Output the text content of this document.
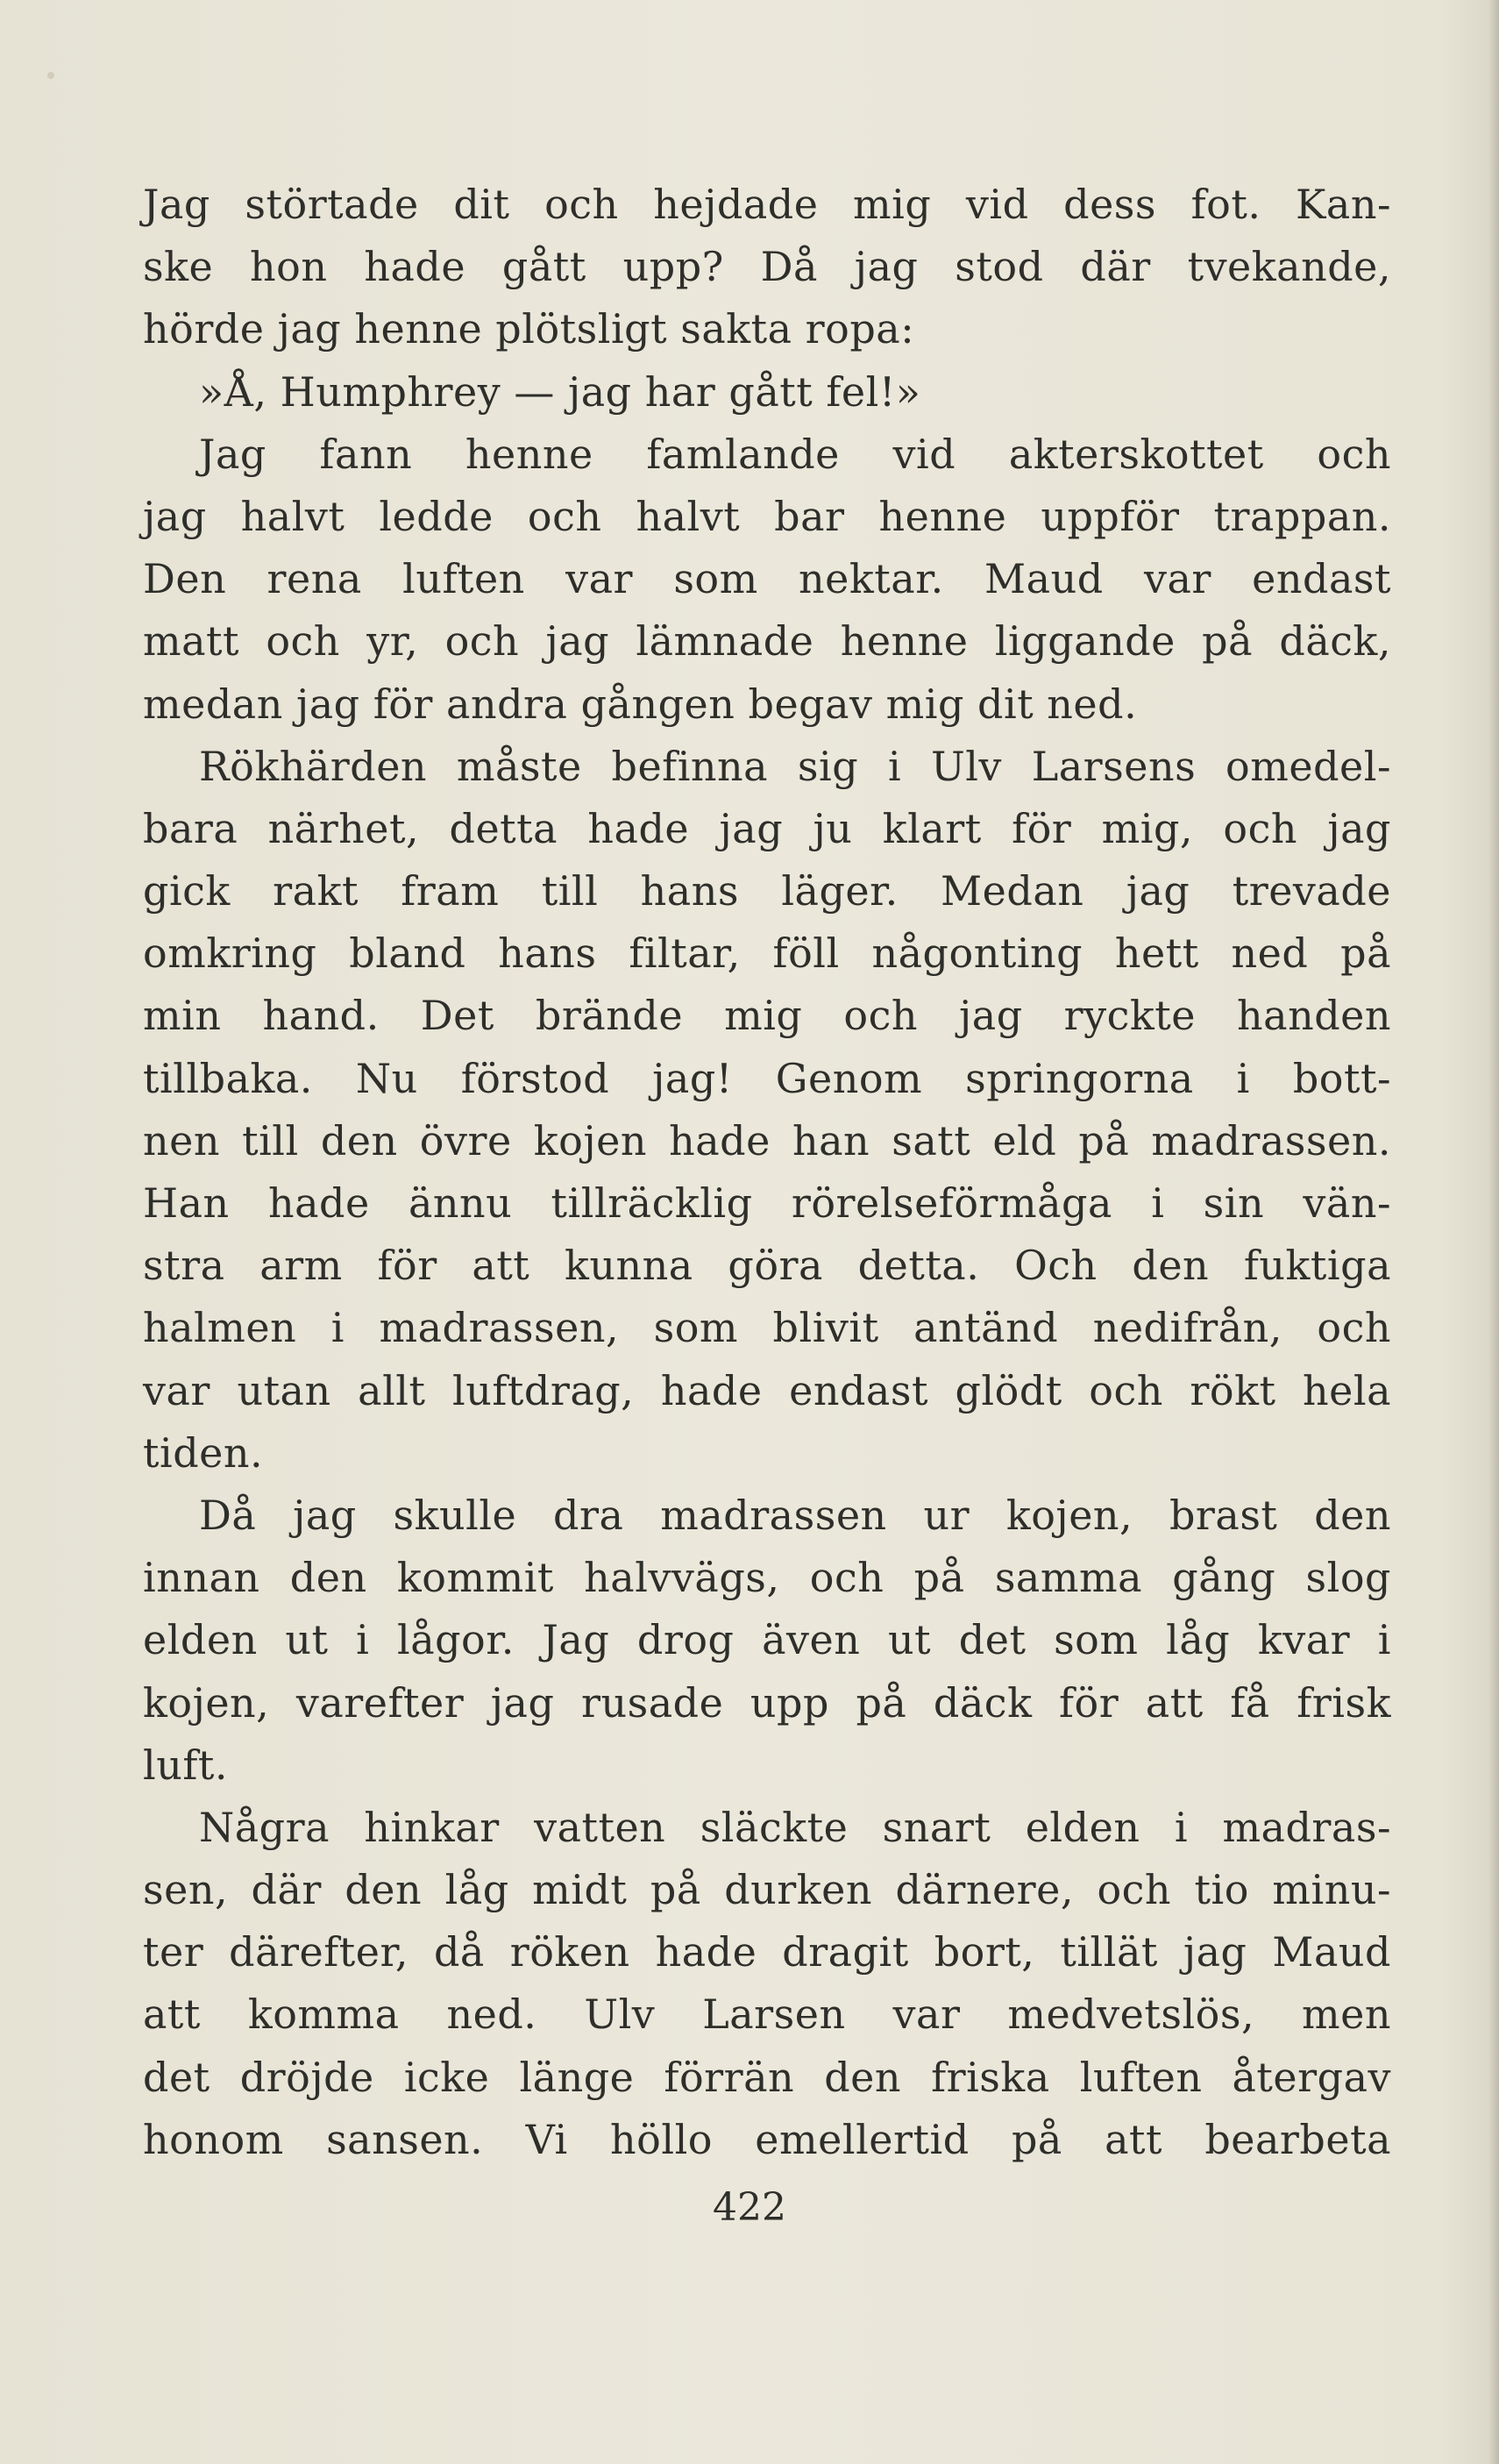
Jag störtade dit och hejdade mig vid dess fot. Kan-
ske hon hade gått upp? Då jag stod där tvekande,
hörde jag henne plötsligt sakta ropa:
»Å, Humphrey — jag har gått fel!»
Jag fann henne famlande vid akterskottet och
jag halvt ledde och halvt bar henne uppför trappan.
Den rena luften var som nektar. Maud var endast
matt och yr, och jag lämnade henne liggande på däck,
medan jag för andra gången begav mig dit ned.
Rökhärden måste befinna sig i Ulv Larsens omedel-
bara närhet, detta hade jag ju klart för mig, och jag
gick rakt fram till hans läger. Medan jag trevade
omkring bland hans filtar, föll någonting hett ned på
min hand. Det brände mig och jag ryckte handen
tillbaka. Nu förstod jag! Genom springorna i bott-
nen till den övre kojen hade han satt eld på madrassen.
Han hade ännu tillräcklig rörelseförmåga i sin vän-
stra arm för att kunna göra detta. Och den fuktiga
halmen i madrassen, som blivit antänd nedifrån, och
var utan allt luftdrag, hade endast glödt och rökt hela
tiden.
Då jag skulle dra madrassen ur kojen, brast den
innan den kommit halvvägs, och på samma gång slog
elden ut i lågor. Jag drog även ut det som låg kvar i
kojen, varefter jag rusade upp på däck för att få frisk
luft.
Några hinkar vatten släckte snart elden i madras-
sen, där den låg midt på durken därnere, och tio minu-
ter därefter, då röken hade dragit bort, tillät jag Maud
att komma ned. Ulv Larsen var medvetslös, men
det dröjde icke länge förrän den friska luften återgav
honom sansen. Vi höllo emellertid på att bearbeta
422
